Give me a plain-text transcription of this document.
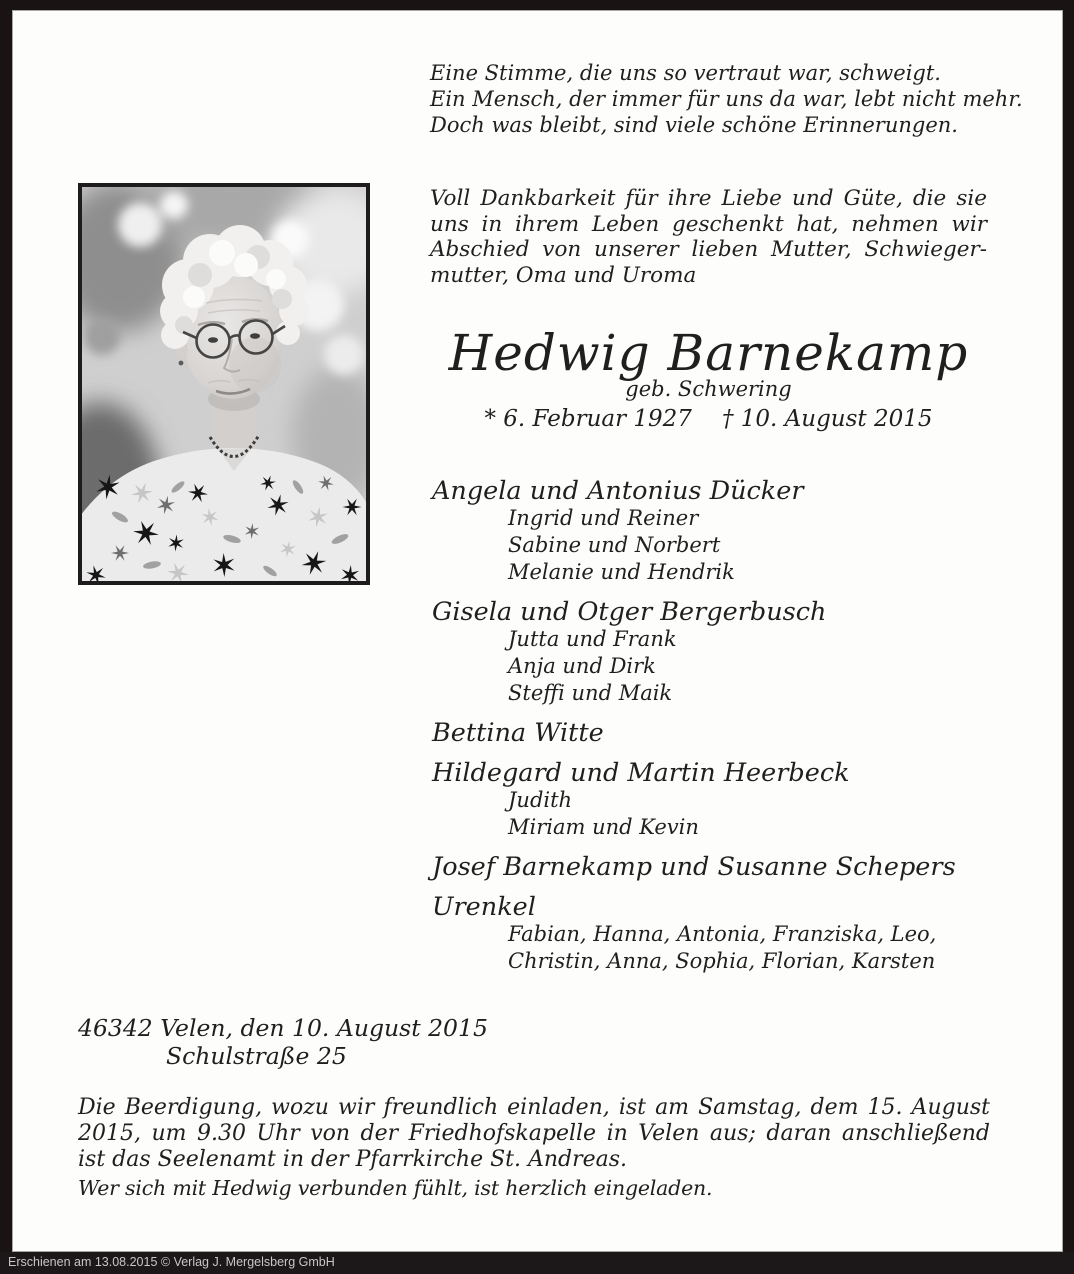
Eine Stimme, die uns so vertraut war, schweigt.
Ein Mensch, der immer für uns da war, lebt nicht mehr.
Doch was bleibt, sind viele schöne Erinnerungen.
Voll Dankbarkeit für ihre Liebe und Güte, die sie
uns in ihrem Leben geschenkt hat, nehmen wir
Abschied von unserer lieben Mutter, Schwieger-
mutter, Oma und Uroma
Hedwig Barnekamp
geb. Schwering
* 6. Februar 1927 † 10. August 2015
Angela und Antonius Dücker
Ingrid und Reiner
Sabine und Norbert
Melanie und Hendrik
Gisela und Otger Bergerbusch
Jutta und Frank
Anja und Dirk
Steffi und Maik
Bettina Witte
Hildegard und Martin Heerbeck
Judith
Miriam und Kevin
Josef Barnekamp und Susanne Schepers
Urenkel
Fabian, Hanna, Antonia, Franziska, Leo,
Christin, Anna, Sophia, Florian, Karsten
46342 Velen, den 10. August 2015
Schulstraße 25
Die Beerdigung, wozu wir freundlich einladen, ist am Samstag, dem 15. August
2015, um 9.30 Uhr von der Friedhofskapelle in Velen aus; daran anschließend
ist das Seelenamt in der Pfarrkirche St. Andreas.
Wer sich mit Hedwig verbunden fühlt, ist herzlich eingeladen.
Erschienen am 13.08.2015 © Verlag J. Mergelsberg GmbH
